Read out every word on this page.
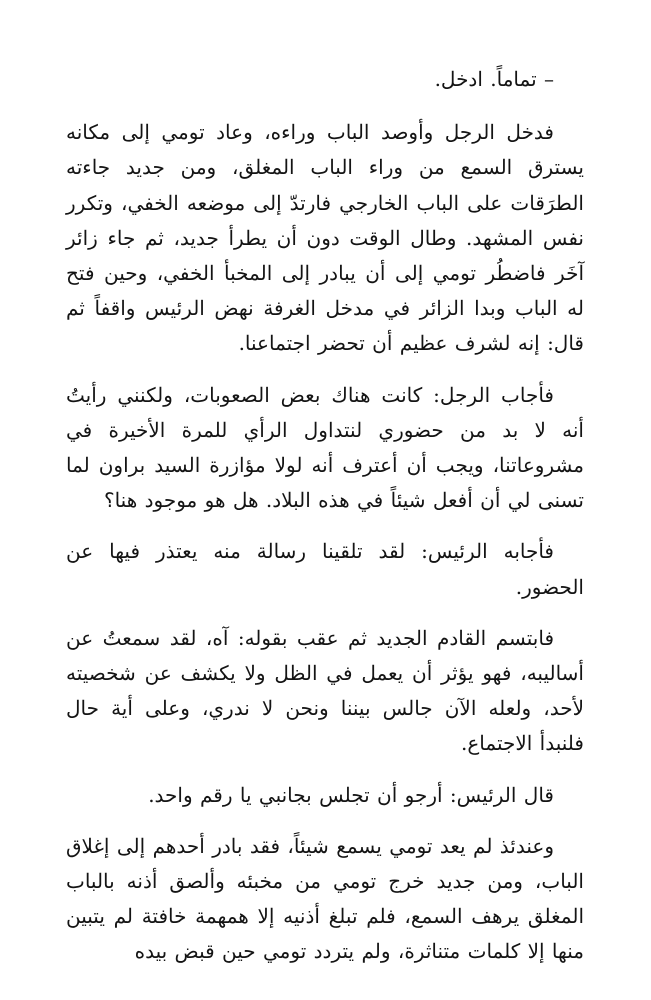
– تماماً. ادخل.

فدخل الرجل وأوصد الباب وراءه، وعاد تومي إلى مكانه يسترق السمع من وراء الباب المغلق، ومن جديد جاءته الطرَقات على الباب الخارجي فارتدّ إلى موضعه الخفي، وتكرر نفس المشهد. وطال الوقت دون أن يطرأ جديد، ثم جاء زائر آخَر فاضطُر تومي إلى أن يبادر إلى المخبأ الخفي، وحين فتح له الباب وبدا الزائر في مدخل الغرفة نهض الرئيس واقفاً ثم قال: إنه لشرف عظيم أن تحضر اجتماعنا.

فأجاب الرجل: كانت هناك بعض الصعوبات، ولكنني رأيتُ أنه لا بد من حضوري لنتداول الرأي للمرة الأخيرة في مشروعاتنا، ويجب أن أعترف أنه لولا مؤازرة السيد براون لما تسنى لي أن أفعل شيئاً في هذه البلاد. هل هو موجود هنا؟

فأجابه الرئيس: لقد تلقينا رسالة منه يعتذر فيها عن الحضور.

فابتسم القادم الجديد ثم عقب بقوله: آه، لقد سمعتُ عن أساليبه، فهو يؤثر أن يعمل في الظل ولا يكشف عن شخصيته لأحد، ولعله الآن جالس بيننا ونحن لا ندري، وعلى أية حال فلنبدأ الاجتماع.

قال الرئيس: أرجو أن تجلس بجانبي يا رقم واحد.

وعندئذ لم يعد تومي يسمع شيئاً، فقد بادر أحدهم إلى إغلاق الباب، ومن جديد خرج تومي من مخبئه وألصق أذنه بالباب المغلق يرهف السمع، فلم تبلغ أذنيه إلا همهمة خافتة لم يتبين منها إلا كلمات متناثرة، ولم يتردد تومي حين قبض بيده
